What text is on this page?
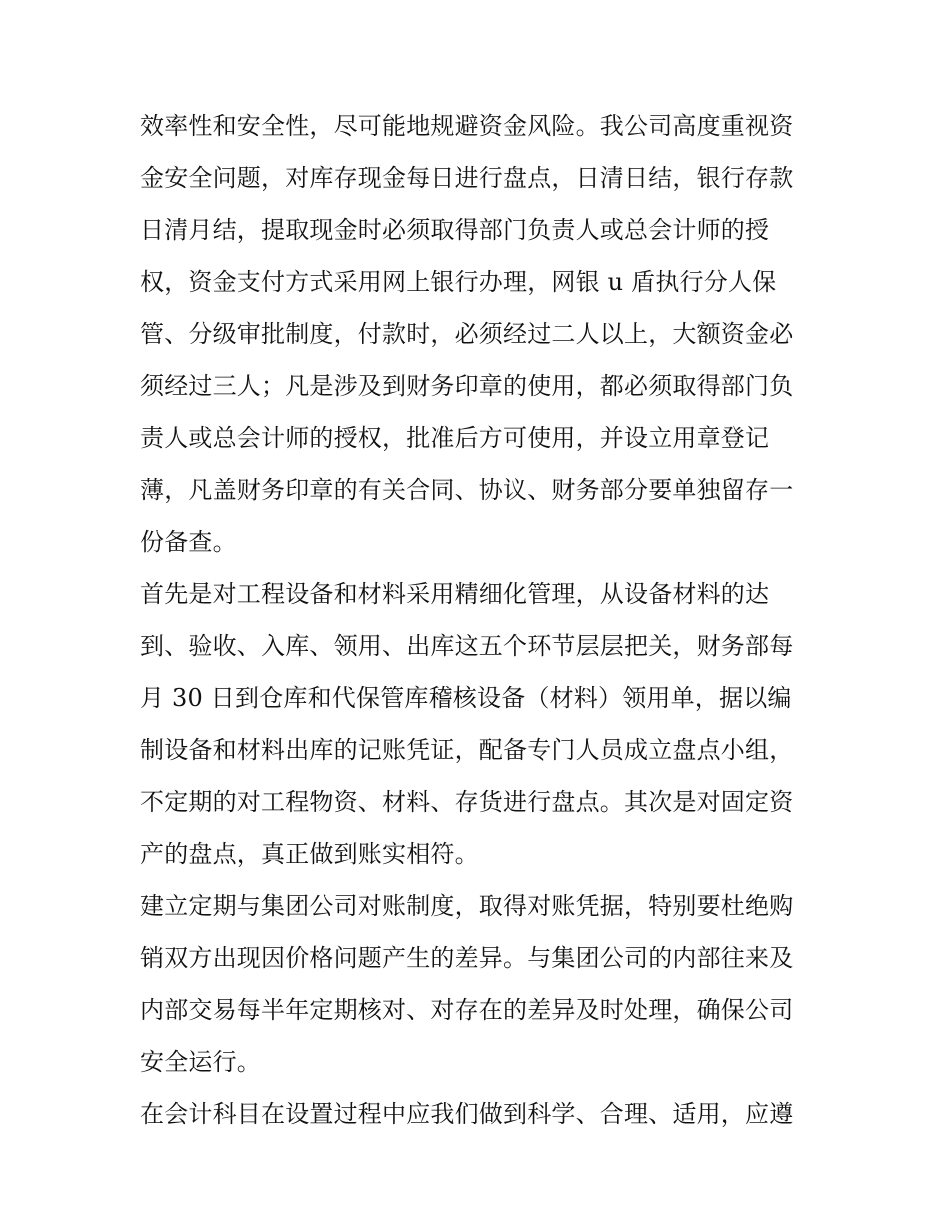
效率性和安全性，尽可能地规避资金风险。我公司高度重视资
金安全问题，对库存现金每日进行盘点，日清日结，银行存款
日清月结，提取现金时必须取得部门负责人或总会计师的授
权，资金支付方式采用网上银行办理，网银 u 盾执行分人保
管、分级审批制度，付款时，必须经过二人以上，大额资金必
须经过三人；凡是涉及到财务印章的使用，都必须取得部门负
责人或总会计师的授权，批准后方可使用，并设立用章登记
薄，凡盖财务印章的有关合同、协议、财务部分要单独留存一
份备查。
首先是对工程设备和材料采用精细化管理，从设备材料的达
到、验收、入库、领用、出库这五个环节层层把关，财务部每
月 30 日到仓库和代保管库稽核设备（材料）领用单，据以编
制设备和材料出库的记账凭证，配备专门人员成立盘点小组，
不定期的对工程物资、材料、存货进行盘点。其次是对固定资
产的盘点，真正做到账实相符。
建立定期与集团公司对账制度，取得对账凭据，特别要杜绝购
销双方出现因价格问题产生的差异。与集团公司的内部往来及
内部交易每半年定期核对、对存在的差异及时处理，确保公司
安全运行。
在会计科目在设置过程中应我们做到科学、合理、适用，应遵
